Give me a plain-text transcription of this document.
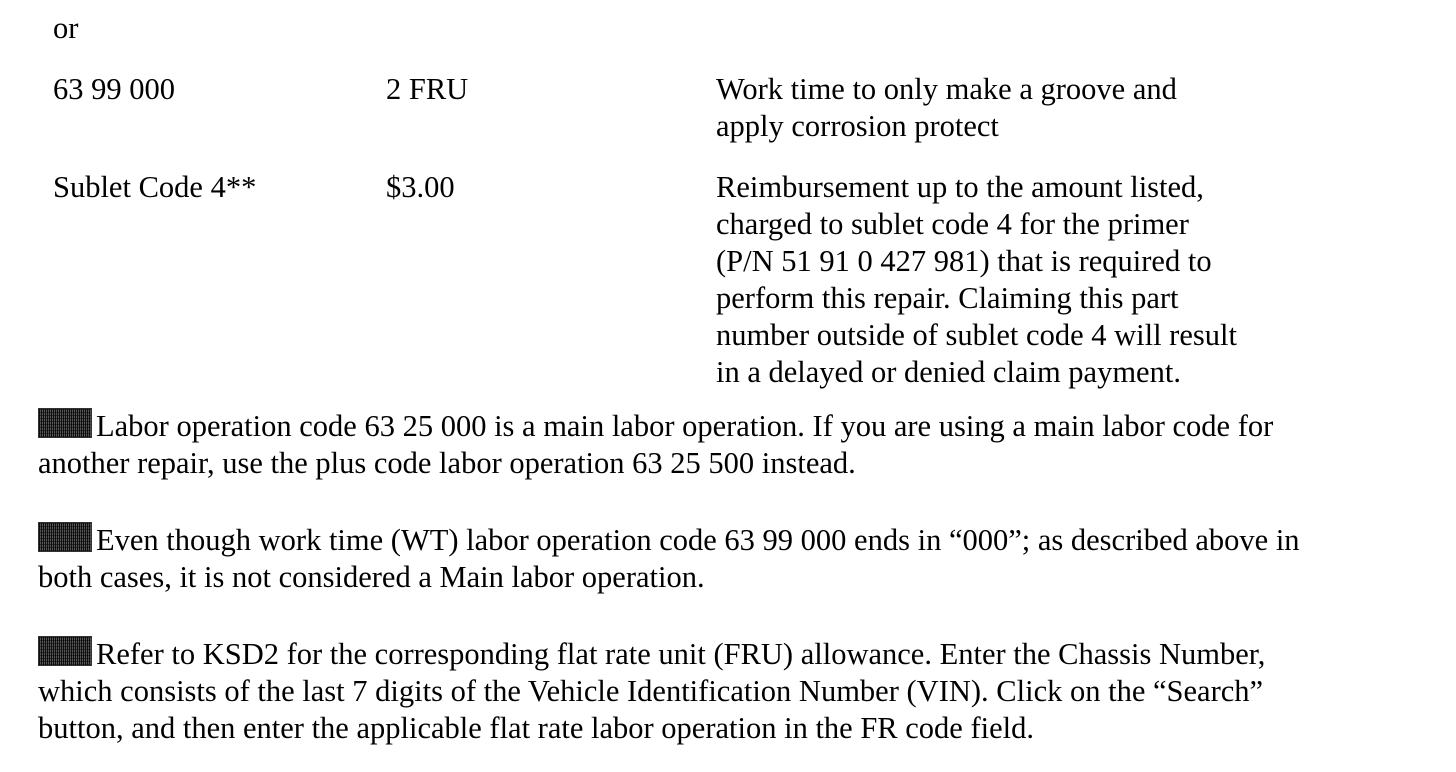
or
63 99 000	2 FRU	Work time to only make a groove and
apply corrosion protect
Sublet Code 4**	$3.00	Reimbursement up to the amount listed,
charged to sublet code 4 for the primer
(P/N 51 91 0 427 981) that is required to
perform this repair. Claiming this part
number outside of sublet code 4 will result
in a delayed or denied claim payment.
Labor operation code 63 25 000 is a main labor operation. If you are using a main labor code for
another repair, use the plus code labor operation 63 25 500 instead.
Even though work time (WT) labor operation code 63 99 000 ends in “000”; as described above in
both cases, it is not considered a Main labor operation.
Refer to KSD2 for the corresponding flat rate unit (FRU) allowance. Enter the Chassis Number,
which consists of the last 7 digits of the Vehicle Identification Number (VIN). Click on the “Search”
button, and then enter the applicable flat rate labor operation in the FR code field.
